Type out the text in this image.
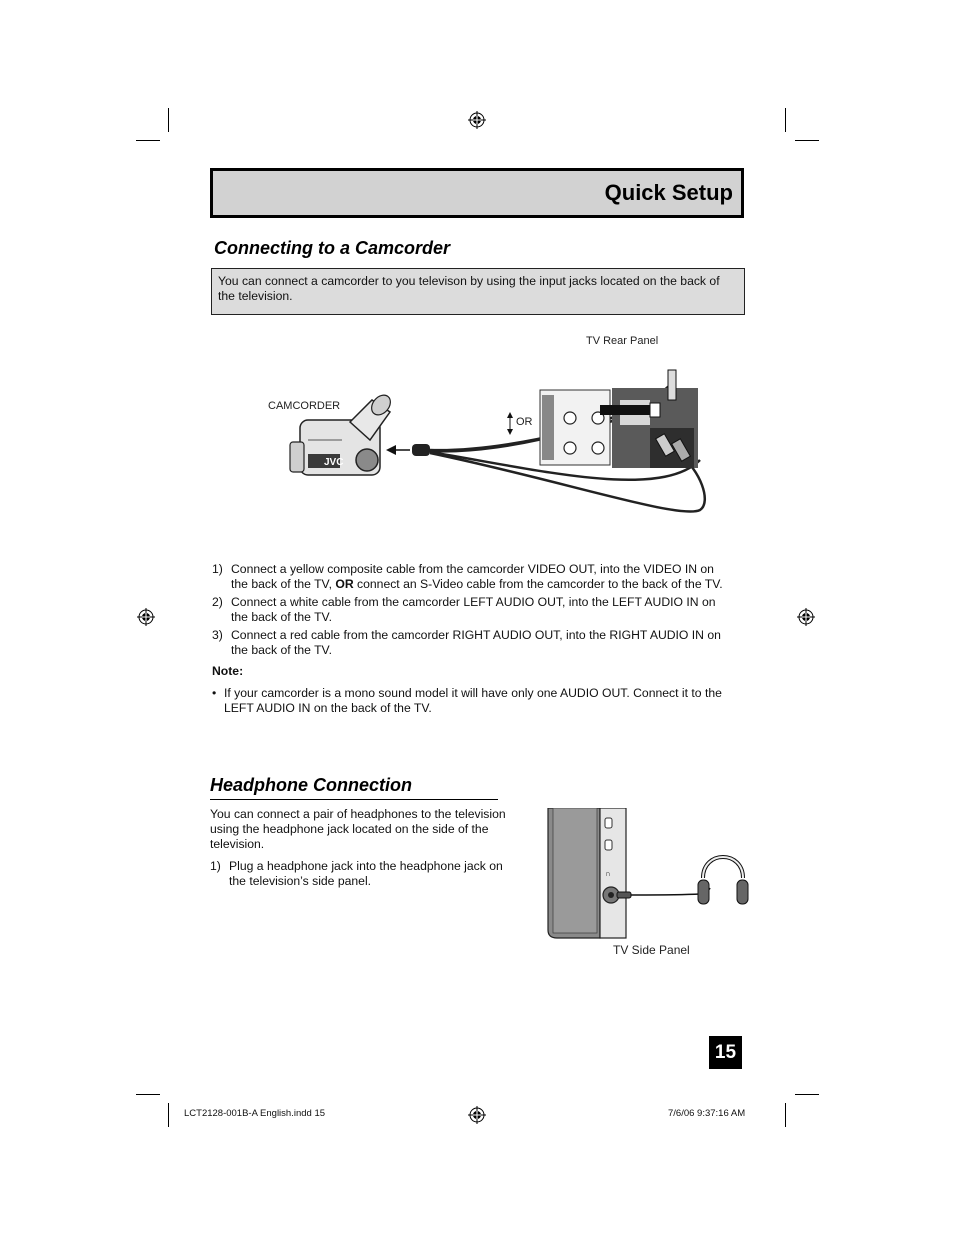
Quick Setup
Connecting to a Camcorder
You can connect a camcorder to you televison by using the input jacks located on the back of
the television.
TV Rear Panel
CAMCORDER
OR
JVC
1) Connect a yellow composite cable from the camcorder VIDEO OUT, into the VIDEO IN on
the back of the TV, OR connect an S-Video cable from the camcorder to the back of the TV.
2) Connect a white cable from the camcorder LEFT AUDIO OUT, into the LEFT AUDIO IN on
the back of the TV.
3) Connect a red cable from the camcorder RIGHT AUDIO OUT, into the RIGHT AUDIO IN on
the back of the TV.
Note:
• If your camcorder is a mono sound model it will have only one AUDIO OUT. Connect it to the
LEFT AUDIO IN on the back of the TV.
Headphone Connection
You can connect a pair of headphones to the television
using the headphone jack located on the side of the
television.
1) Plug a headphone jack into the headphone jack on
the television’s side panel.
∩
TV Side Panel
15
LCT2128-001B-A English.indd 15	7/6/06 9:37:16 AM
